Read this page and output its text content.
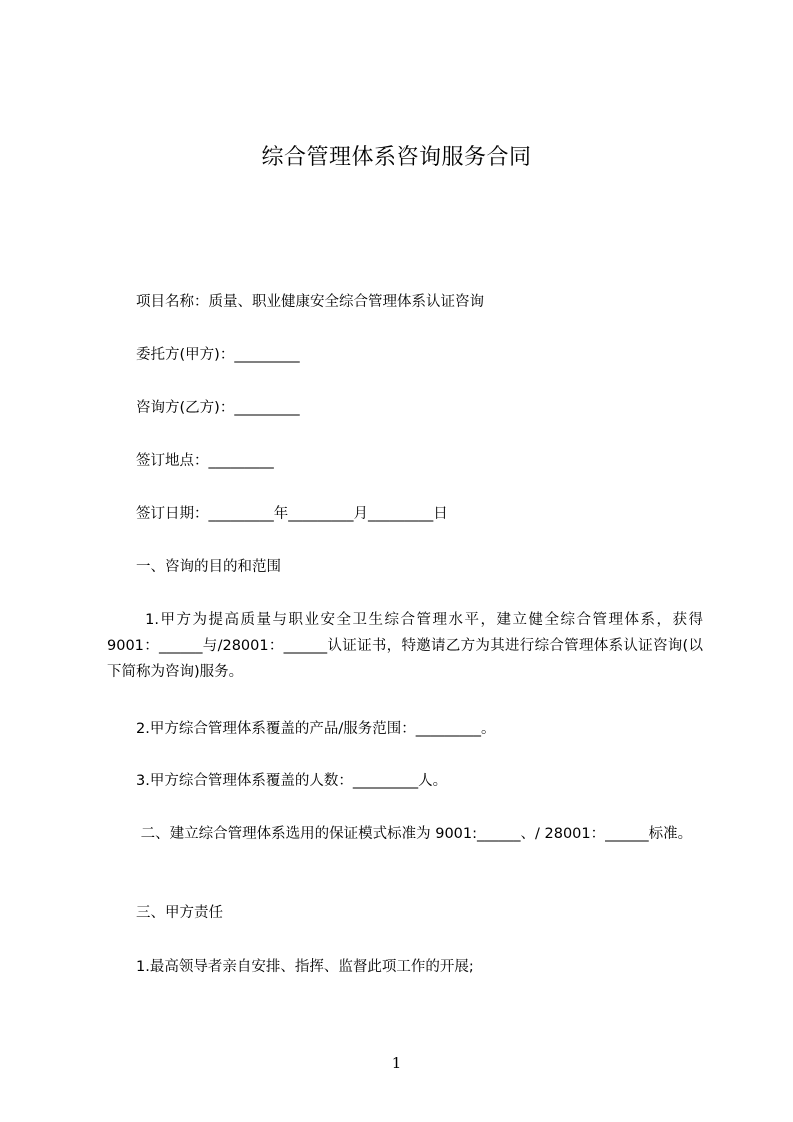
综合管理体系咨询服务合同

　　项目名称：质量、职业健康安全综合管理体系认证咨询

　　委托方(甲方)：_________

　　咨询方(乙方)：_________

　　签订地点：_________

　　签订日期：_________年_________月_________日

　　一、咨询的目的和范围

　　 1.甲方为提高质量与职业安全卫生综合管理水平，建立健全综合管理体系，获得 9001：______与/28001：______认证证书，特邀请乙方为其进行综合管理体系认证咨询(以下简称为咨询)服务。

　　2.甲方综合管理体系覆盖的产品/服务范围：_________。

　　3.甲方综合管理体系覆盖的人数：_________人。

　　 二、建立综合管理体系选用的保证模式标准为 9001:______、/ 28001：______标准。

　　三、甲方责任

　　1.最高领导者亲自安排、指挥、监督此项工作的开展;

1
